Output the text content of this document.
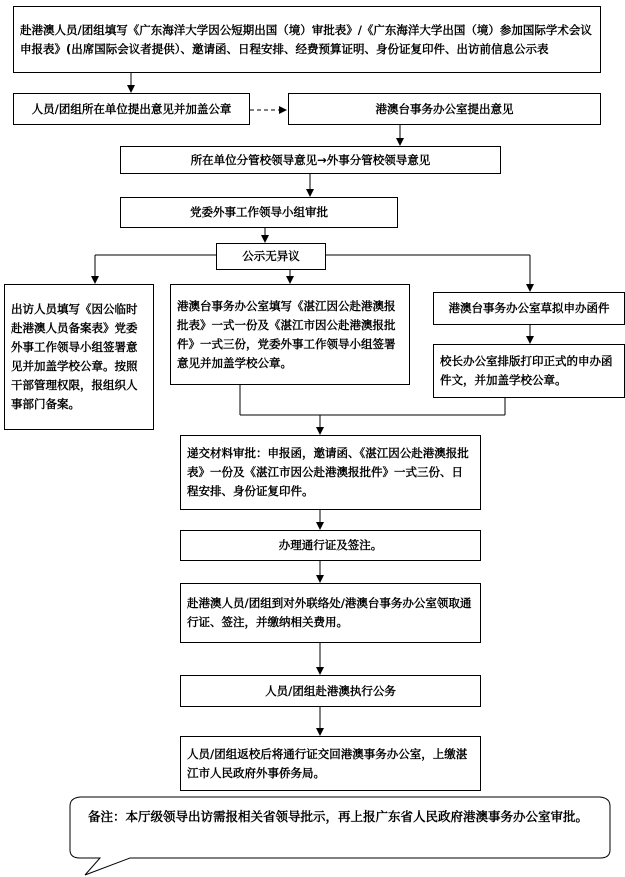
赴港澳人员/团组填写《广东海洋大学因公短期出国（境）审批表》/《广东海洋大学出国（境）参加国际学术会议申报表》(出席国际会议者提供）、邀请函、日程安排、经费预算证明、身份证复印件、出访前信息公示表
人员/团组所在单位提出意见并加盖公章	港澳台事务办公室提出意见
所在单位分管校领导意见→外事分管校领导意见
党委外事工作领导小组审批
公示无异议
出访人员填写《因公临时赴港澳人员备案表》党委外事工作领导小组签署意见并加盖学校公章。按照干部管理权限，报组织人事部门备案。
港澳台事务办公室填写《湛江因公赴港澳报批表》一式一份及《湛江市因公赴港澳报批件》一式三份，党委外事工作领导小组签署意见并加盖学校公章。
港澳台事务办公室草拟申办函件
校长办公室排版打印正式的申办函件文，并加盖学校公章。
递交材料审批：申报函，邀请函、《湛江因公赴港澳报批表》一份及《湛江市因公赴港澳报批件》一式三份、日程安排、身份证复印件。
办理通行证及签注。
赴港澳人员/团组到对外联络处/港澳台事务办公室领取通行证、签注，并缴纳相关费用。
人员/团组赴港澳执行公务
人员/团组返校后将通行证交回港澳事务办公室，上缴湛江市人民政府外事侨务局。
备注：本厅级领导出访需报相关省领导批示，再上报广东省人民政府港澳事务办公室审批。
